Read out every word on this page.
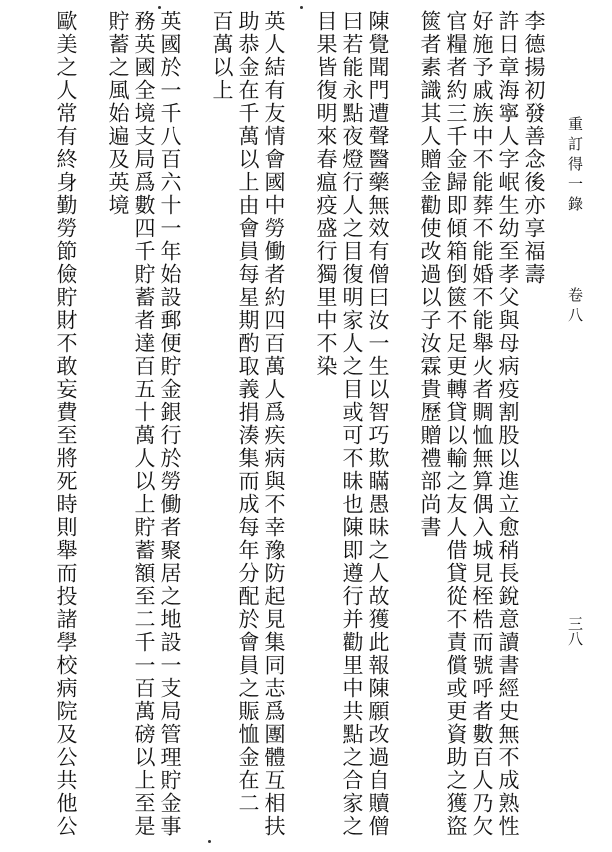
重訂得一錄
卷八
三八
李德揚初發善念後亦享福壽
許日章海寧人字岷生幼至孝父與母病疫割股以進立愈稍長銳意讀書經史無不成熟性
好施予戚族中不能葬不能婚不能舉火者賙恤無算偶入城見桎梏而號呼者數百人乃欠
官糧者約三千金歸即傾箱倒篋不足更轉貸以輸之友人借貸從不責償或更資助之獲盜
篋者素識其人贈金勸使改過以子汝霖貴歷贈禮部尚書
陳覺聞門遭聲醫藥無效有僧曰汝一生以智巧欺瞞愚昧之人故獲此報陳願改過自贖僧
曰若能永點夜燈行人之目復明家人之目或可不昧也陳即遵行并勸里中共點之合家之
目果皆復明來春瘟疫盛行獨里中不染
英人結有友情會國中勞働者約四百萬人爲疾病與不幸豫防起見集同志爲團體互相扶
助恭金在千萬以上由會員每星期酌取義捐湊集而成每年分配於會員之賑恤金在二
百萬以上
英國於一千八百六十一年始設郵便貯金銀行於勞働者聚居之地設一支局管理貯金事
務英國全境支局爲數四千貯蓄者達百五十萬人以上貯蓄額至二千一百萬磅以上至是
貯蓄之風始遍及英境
歐美之人常有終身勤勞節儉貯財不敢妄費至將死時則舉而投諸學校病院及公共他公
